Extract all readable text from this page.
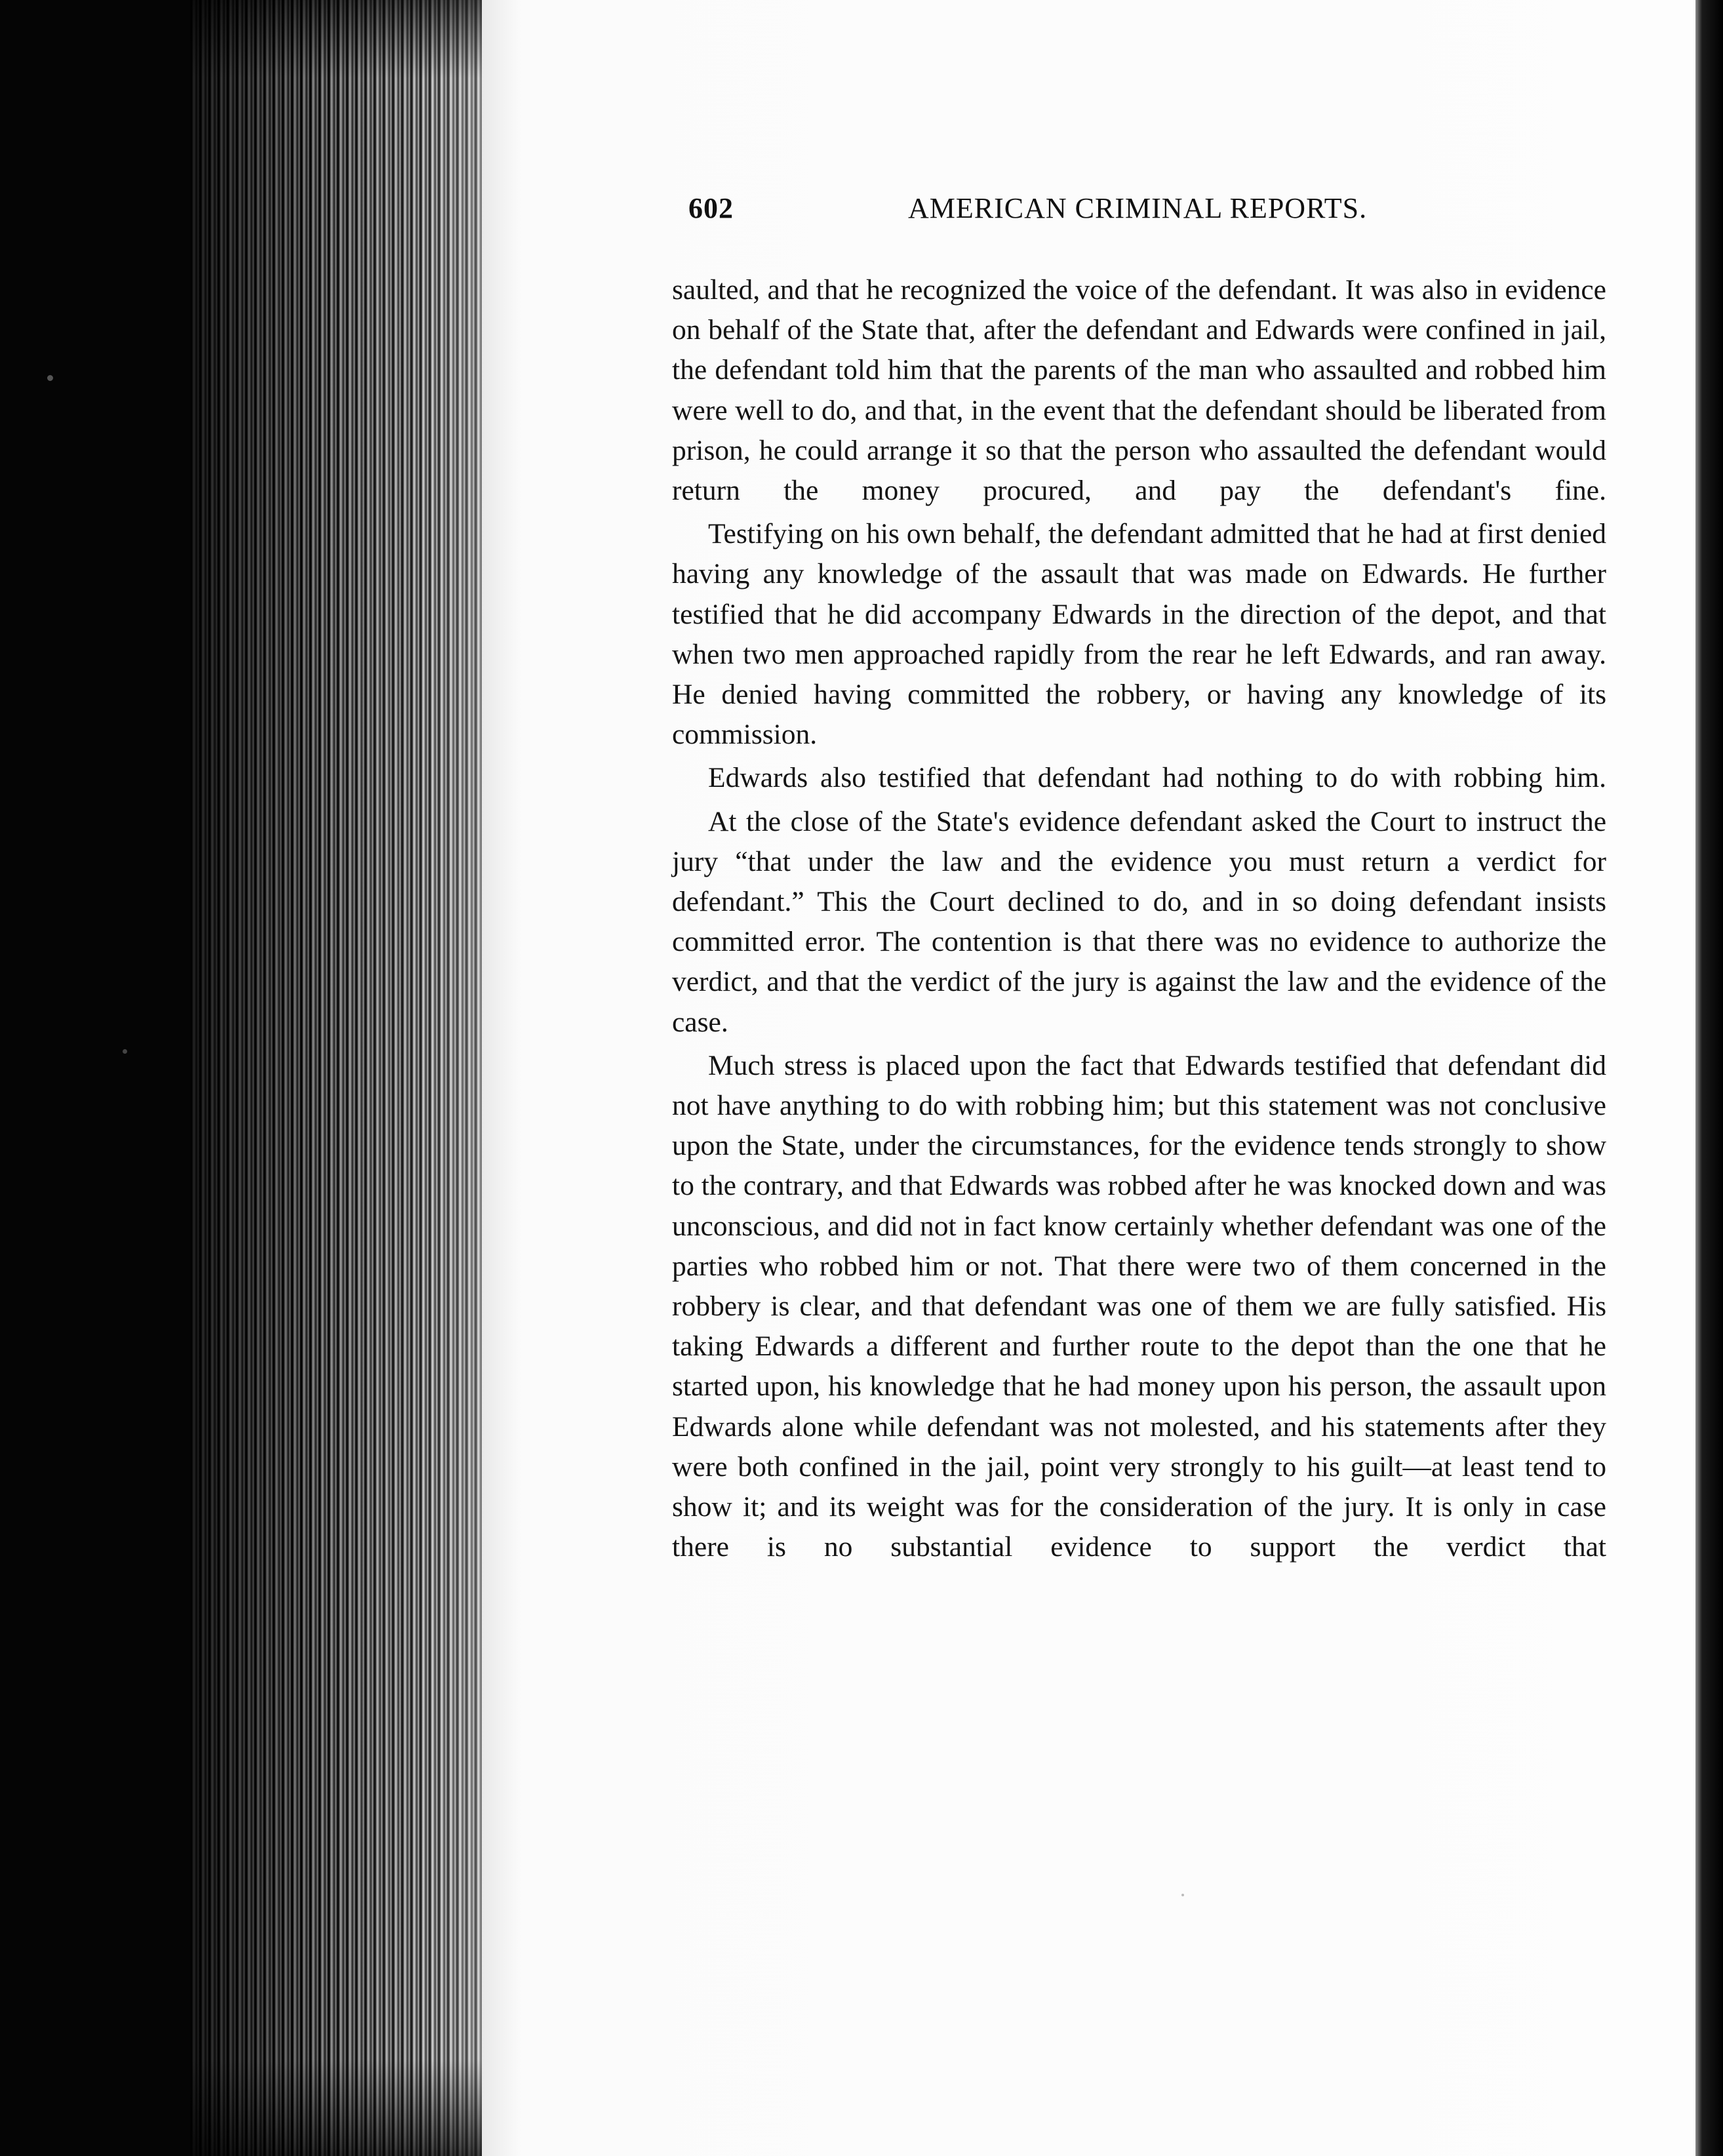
602	AMERICAN CRIMINAL REPORTS.

saulted, and that he recognized the voice of the defendant. It was also in evidence on behalf of the State that, after the defendant and Edwards were confined in jail, the defendant told him that the parents of the man who assaulted and robbed him were well to do, and that, in the event that the defendant should be liberated from prison, he could arrange it so that the person who assaulted the defendant would return the money procured, and pay the defendant's fine.

Testifying on his own behalf, the defendant admitted that he had at first denied having any knowledge of the assault that was made on Edwards. He further testified that he did accompany Edwards in the direction of the depot, and that when two men approached rapidly from the rear he left Edwards, and ran away. He denied having committed the robbery, or having any knowledge of its commission.

Edwards also testified that defendant had nothing to do with robbing him.

At the close of the State's evidence defendant asked the Court to instruct the jury “that under the law and the evidence you must return a verdict for defendant.” This the Court declined to do, and in so doing defendant insists committed error. The contention is that there was no evidence to authorize the verdict, and that the verdict of the jury is against the law and the evidence of the case.

Much stress is placed upon the fact that Edwards testified that defendant did not have anything to do with robbing him; but this statement was not conclusive upon the State, under the circumstances, for the evidence tends strongly to show to the contrary, and that Edwards was robbed after he was knocked down and was unconscious, and did not in fact know certainly whether defendant was one of the parties who robbed him or not. That there were two of them concerned in the robbery is clear, and that defendant was one of them we are fully satisfied. His taking Edwards a different and further route to the depot than the one that he started upon, his knowledge that he had money upon his person, the assault upon Edwards alone while defendant was not molested, and his statements after they were both confined in the jail, point very strongly to his guilt—at least tend to show it; and its weight was for the consideration of the jury. It is only in case there is no substantial evidence to support the verdict that
